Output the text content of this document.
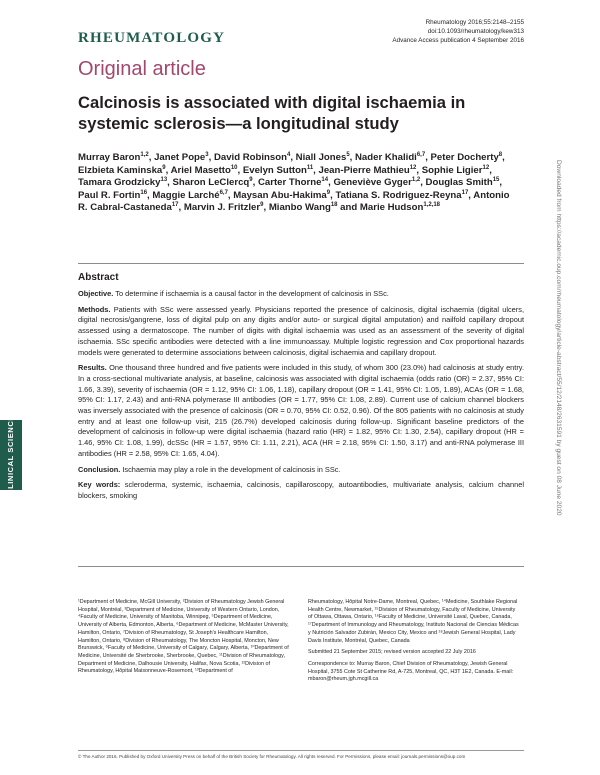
RHEUMATOLOGY
Rheumatology 2016;55:2148–2155
doi:10.1093/rheumatology/kew313
Advance Access publication 4 September 2016
Original article
Calcinosis is associated with digital ischaemia in systemic sclerosis—a longitudinal study
Murray Baron$^{1,2}$, Janet Pope$^3$, David Robinson$^4$, Niall Jones$^5$, Nader Khalidi$^{6,7}$, Peter Docherty$^8$, Elzbieta Kaminska$^9$, Ariel Masetto$^{10}$, Evelyn Sutton$^{11}$, Jean-Pierre Mathieu$^{12}$, Sophie Ligier$^{12}$, Tamara Grodzicky$^{13}$, Sharon LeClercq$^9$, Carter Thorne$^{14}$, Geneviève Gyger$^{1,2}$, Douglas Smith$^{15}$, Paul R. Fortin$^{16}$, Maggie Larché$^{6,7}$, Maysan Abu-Hakima$^9$, Tatiana S. Rodriguez-Reyna$^{17}$, Antonio R. Cabral-Castaneda$^{17}$, Marvin J. Fritzler$^9$, Mianbo Wang$^{18}$ and Marie Hudson$^{1,2,18}$
Abstract

Objective. To determine if ischaemia is a causal factor in the development of calcinosis in SSc.

Methods. Patients with SSc were assessed yearly. Physicians reported the presence of calcinosis, digital ischaemia (digital ulcers, digital necrosis/gangrene, loss of digital pulp on any digits and/or auto- or surgical digital amputation) and nailfold capillary dropout assessed using a dermatoscope. The number of digits with digital ischaemia was used as an assessment of the severity of digital ischaemia. SSc specific antibodies were detected with a line immunoassay. Multiple logistic regression and Cox proportional hazards models were generated to determine associations between calcinosis, digital ischaemia and capillary dropout.

Results. One thousand three hundred and five patients were included in this study, of whom 300 (23.0%) had calcinosis at study entry. In a cross-sectional multivariate analysis, at baseline, calcinosis was associated with digital ischaemia (odds ratio (OR) = 2.37, 95% CI: 1.66, 3.39), severity of ischaemia (OR = 1.12, 95% CI: 1.06, 1.18), capillary dropout (OR = 1.41, 95% CI: 1.05, 1.89), ACAs (OR = 1.68, 95% CI: 1.17, 2.43) and anti-RNA polymerase III antibodies (OR = 1.77, 95% CI: 1.08, 2.89). Current use of calcium channel blockers was inversely associated with the presence of calcinosis (OR = 0.70, 95% CI: 0.52, 0.96). Of the 805 patients with no calcinosis at study entry and at least one follow-up visit, 215 (26.7%) developed calcinosis during follow-up. Significant baseline predictors of the development of calcinosis in follow-up were digital ischaemia (hazard ratio (HR) = 1.82, 95% CI: 1.30, 2.54), capillary dropout (HR = 1.46, 95% CI: 1.08, 1.99), dcSSc (HR = 1.57, 95% CI: 1.11, 2.21), ACA (HR = 2.18, 95% CI: 1.50, 3.17) and anti-RNA polymerase III antibodies (HR = 2.58, 95% CI: 1.65, 4.04).

Conclusion. Ischaemia may play a role in the development of calcinosis in SSc.

Key words: scleroderma, systemic, ischaemia, calcinosis, capillaroscopy, autoantibodies, multivariate analysis, calcium channel blockers, smoking

¹Department of Medicine, McGill University, ²Division of Rheumatology Jewish General Hospital, Montréal, ³Department of Medicine, University of Western Ontario, London, ⁴Faculty of Medicine, University of Manitoba, Winnipeg, ⁵Department of Medicine, University of Alberta, Edmonton, Alberta, ⁶Department of Medicine, McMaster University, Hamilton, Ontario, ⁷Division of Rheumatology, St Joseph's Healthcare Hamilton, Hamilton, Ontario, ⁸Division of Rheumatology, The Moncton Hospital, Moncton, New Brunswick, ⁹Faculty of Medicine, University of Calgary, Calgary, Alberta, ¹⁰Department of Medicine, Université de Sherbrooke, Sherbrooke, Quebec, ¹¹Division of Rheumatology, Department of Medicine, Dalhousie University, Halifax, Nova Scotia, ¹²Division of Rheumatology, Hôpital Maisonneuve-Rosemont, ¹³Department of

Rheumatology, Hôpital Notre-Dame, Montreal, Quebec, ¹⁴Medicine, Southlake Regional Health Centre, Newmarket, ¹⁵Division of Rheumatology, Faculty of Medicine, University of Ottawa, Ottawa, Ontario, ¹⁶Faculty of Medicine, Université Laval, Quebec, Canada, ¹⁷Department of Immunology and Rheumatology, Instituto Nacional de Ciencias Médicas y Nutrición Salvador Zubirán, Mexico City, Mexico and ¹⁸Jewish General Hospital, Lady Davis Institute, Montréal, Quebec, Canada

Submitted 21 September 2015; revised version accepted 22 July 2016

Correspondence to: Murray Baron, Chief Division of Rheumatology, Jewish General Hospital, 3755 Cote St Catherine Rd, A-725, Montreal, QC, H3T 1E2, Canada. E-mail: mbaron@rheum.jgh.mcgill.ca

© The Author 2016. Published by Oxford University Press on behalf of the British Society for Rheumatology. All rights reserved. For Permissions, please email: journals.permissions@oup.com
CLINICAL SCIENCE	Downloaded from https://academic.oup.com/rheumatology/article-abstract/55/12/2148/2631591 by guest on 08 June 2020
